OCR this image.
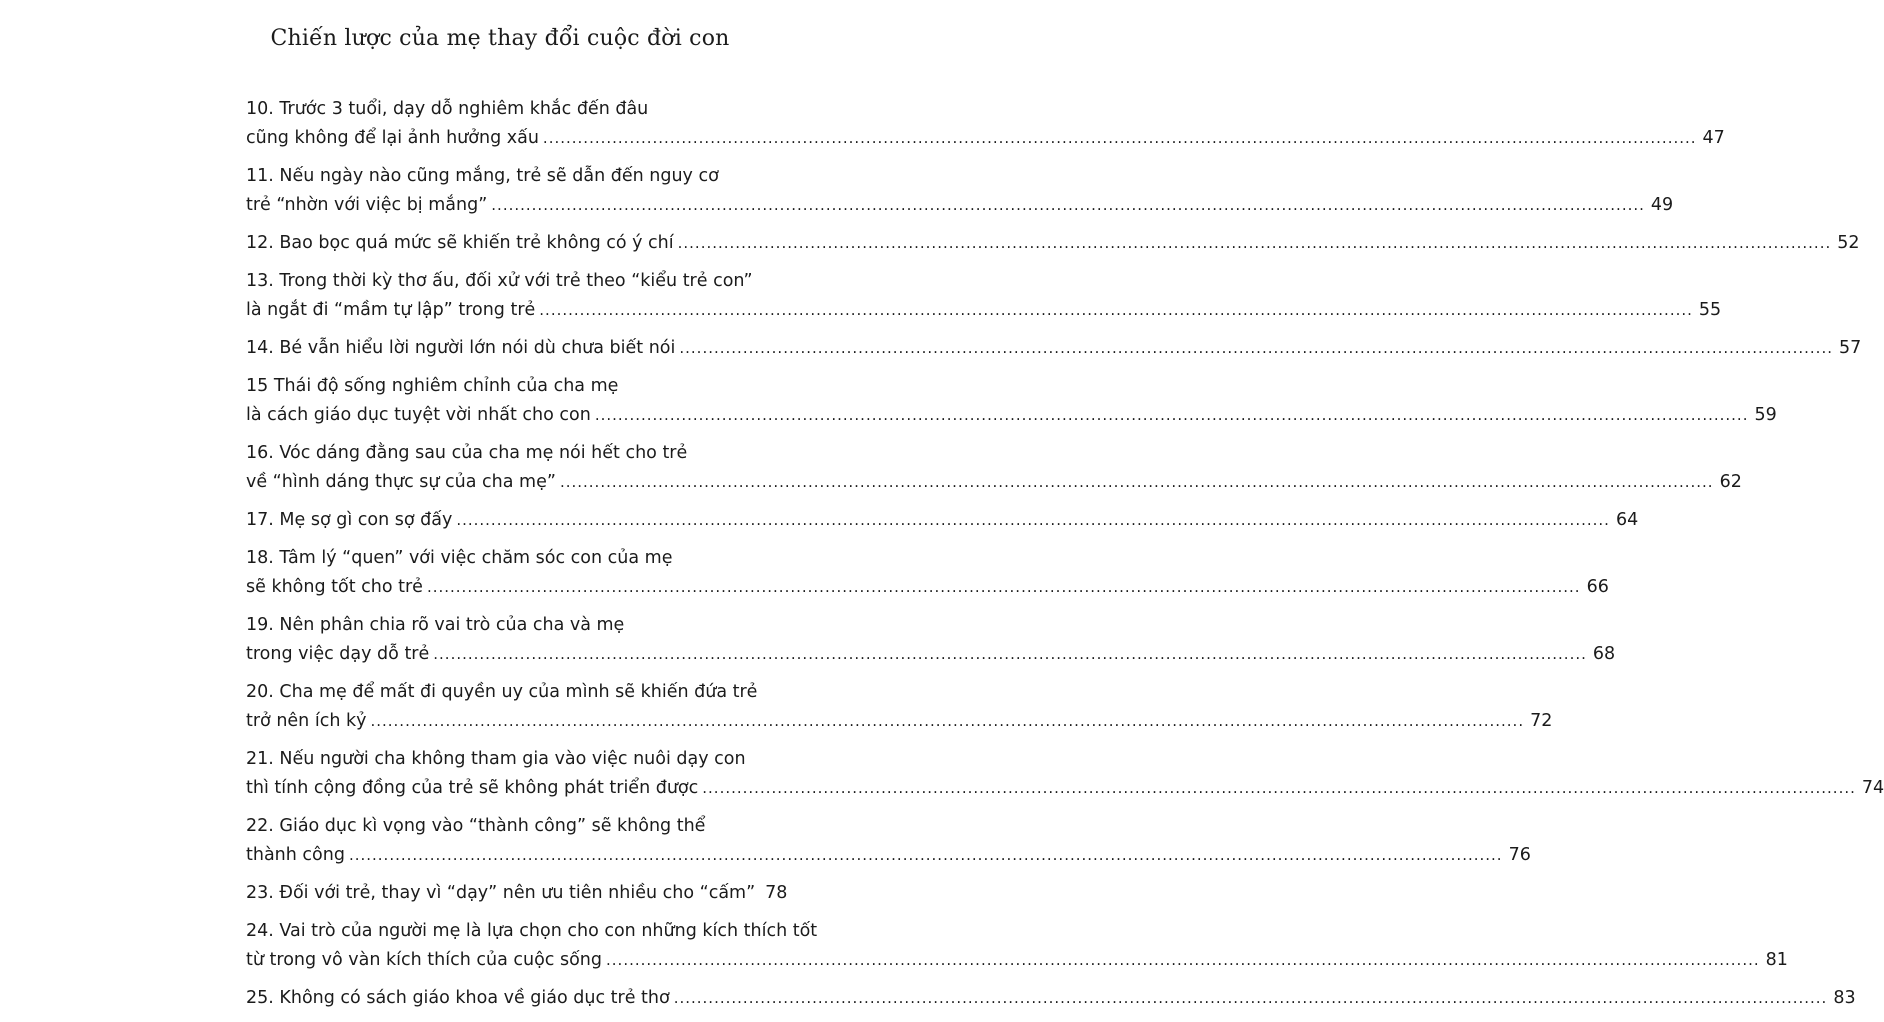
Chiến lược của mẹ thay đổi cuộc đời con
10. Trước 3 tuổi, dạy dỗ nghiêm khắc đến đâu
cũng không để lại ảnh hưởng xấu ........................................................................................................................................................................................................ 47
11. Nếu ngày nào cũng mắng, trẻ sẽ dẫn đến nguy cơ
trẻ “nhờn với việc bị mắng” ........................................................................................................................................................................................................ 49
12. Bao bọc quá mức sẽ khiến trẻ không có ý chí ........................................................................................................................................................................................................ 52
13. Trong thời kỳ thơ ấu, đối xử với trẻ theo “kiểu trẻ con”
là ngắt đi “mầm tự lập” trong trẻ ........................................................................................................................................................................................................ 55
14. Bé vẫn hiểu lời người lớn nói dù chưa biết nói ........................................................................................................................................................................................................ 57
15 Thái độ sống nghiêm chỉnh của cha mẹ
là cách giáo dục tuyệt vời nhất cho con ........................................................................................................................................................................................................ 59
16. Vóc dáng đằng sau của cha mẹ nói hết cho trẻ
về “hình dáng thực sự của cha mẹ” ........................................................................................................................................................................................................ 62
17. Mẹ sợ gì con sợ đấy ........................................................................................................................................................................................................ 64
18. Tâm lý “quen” với việc chăm sóc con của mẹ
sẽ không tốt cho trẻ ........................................................................................................................................................................................................ 66
19. Nên phân chia rõ vai trò của cha và mẹ
trong việc dạy dỗ trẻ ........................................................................................................................................................................................................ 68
20. Cha mẹ để mất đi quyền uy của mình sẽ khiến đứa trẻ
trở nên ích kỷ ........................................................................................................................................................................................................ 72
21. Nếu người cha không tham gia vào việc nuôi dạy con
thì tính cộng đồng của trẻ sẽ không phát triển được ........................................................................................................................................................................................................ 74
22. Giáo dục kì vọng vào “thành công” sẽ không thể
thành công ........................................................................................................................................................................................................ 76
23. Đối với trẻ, thay vì “dạy” nên ưu tiên nhiều cho “cấm” 78
24. Vai trò của người mẹ là lựa chọn cho con những kích thích tốt
từ trong vô vàn kích thích của cuộc sống ........................................................................................................................................................................................................ 81
25. Không có sách giáo khoa về giáo dục trẻ thơ ........................................................................................................................................................................................................ 83
